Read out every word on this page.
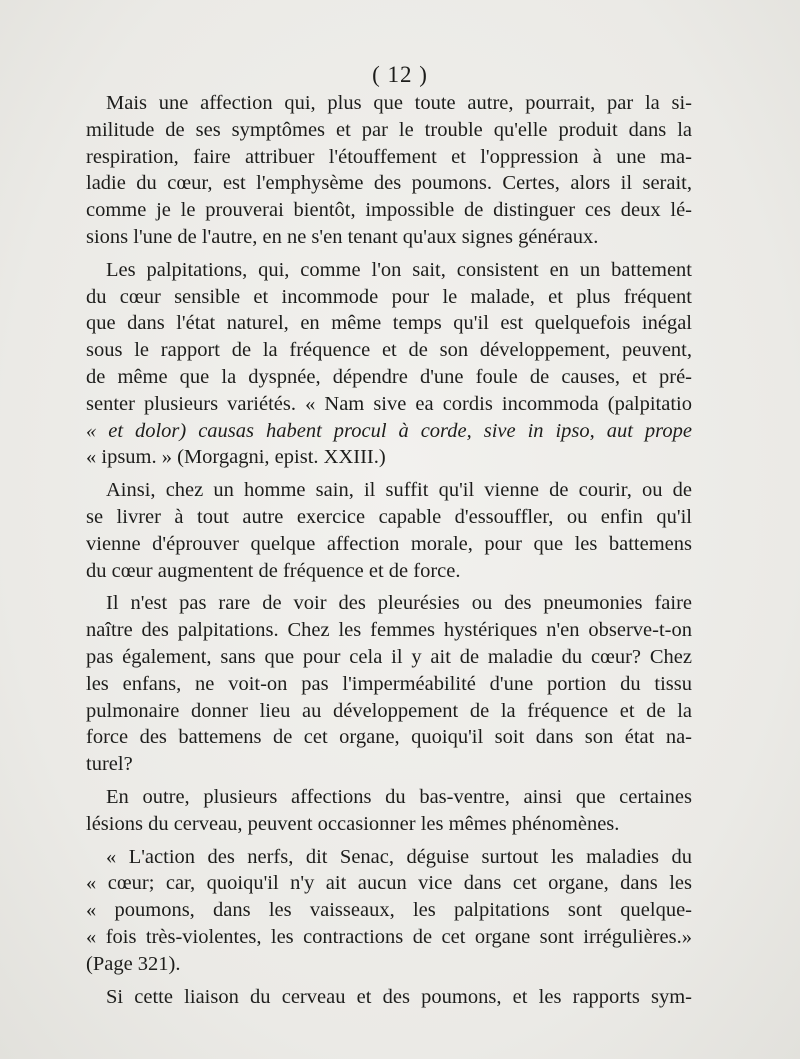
( 12 )
Mais une affection qui, plus que toute autre, pourrait, par la si-
militude de ses symptômes et par le trouble qu'elle produit dans la
respiration, faire attribuer l'étouffement et l'oppression à une ma-
ladie du cœur, est l'emphysème des poumons. Certes, alors il serait,
comme je le prouverai bientôt, impossible de distinguer ces deux lé-
sions l'une de l'autre, en ne s'en tenant qu'aux signes généraux.
Les palpitations, qui, comme l'on sait, consistent en un battement
du cœur sensible et incommode pour le malade, et plus fréquent
que dans l'état naturel, en même temps qu'il est quelquefois inégal
sous le rapport de la fréquence et de son développement, peuvent,
de même que la dyspnée, dépendre d'une foule de causes, et pré-
senter plusieurs variétés. « Nam sive ea cordis incommoda (palpitatio
« et dolor) causas habent procul à corde, sive in ipso, aut prope
« ipsum. » (Morgagni, epist. XXIII.)
Ainsi, chez un homme sain, il suffit qu'il vienne de courir, ou de
se livrer à tout autre exercice capable d'essouffler, ou enfin qu'il
vienne d'éprouver quelque affection morale, pour que les battemens
du cœur augmentent de fréquence et de force.
Il n'est pas rare de voir des pleurésies ou des pneumonies faire
naître des palpitations. Chez les femmes hystériques n'en observe-t-on
pas également, sans que pour cela il y ait de maladie du cœur? Chez
les enfans, ne voit-on pas l'imperméabilité d'une portion du tissu
pulmonaire donner lieu au développement de la fréquence et de la
force des battemens de cet organe, quoiqu'il soit dans son état na-
turel?
En outre, plusieurs affections du bas-ventre, ainsi que certaines
lésions du cerveau, peuvent occasionner les mêmes phénomènes.
« L'action des nerfs, dit Senac, déguise surtout les maladies du
« cœur; car, quoiqu'il n'y ait aucun vice dans cet organe, dans les
« poumons, dans les vaisseaux, les palpitations sont quelque-
« fois très-violentes, les contractions de cet organe sont irrégulières.»
(Page 321).
Si cette liaison du cerveau et des poumons, et les rapports sym-
